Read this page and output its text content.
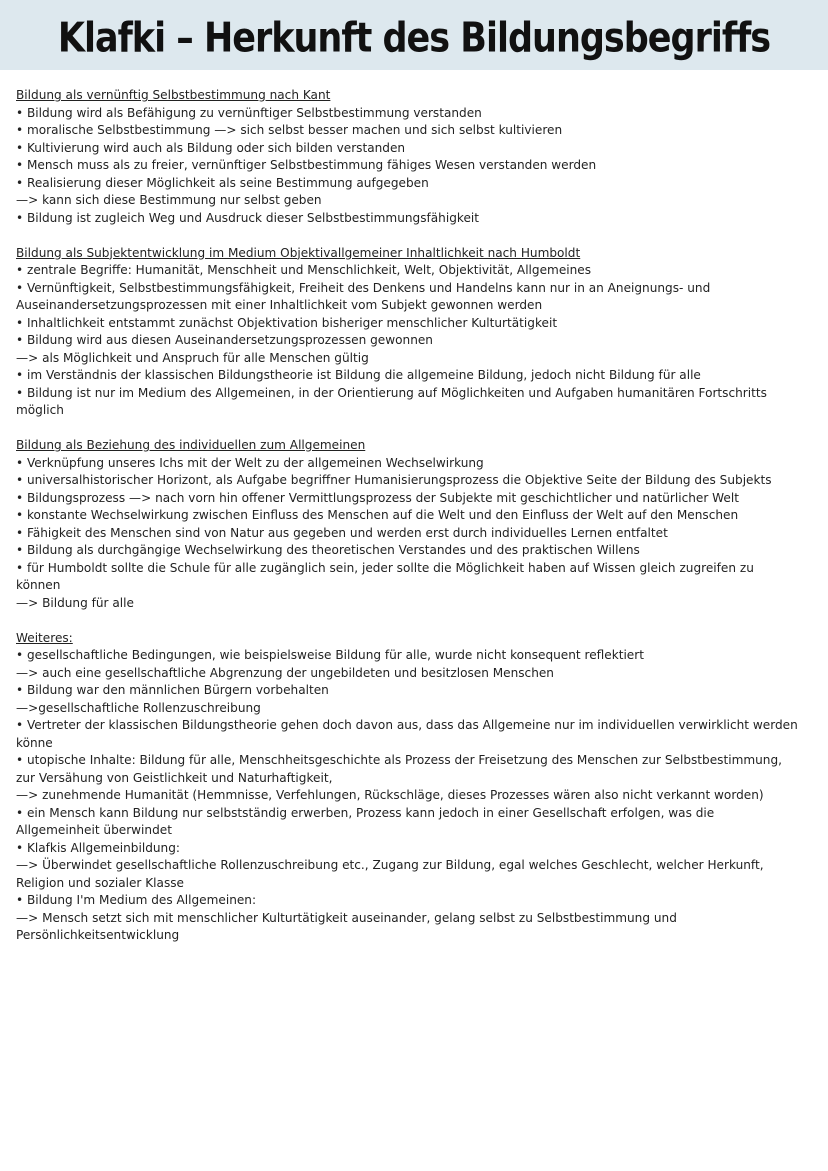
Klafki – Herkunft des Bildungsbegriffs
Bildung als vernünftig Selbstbestimmung nach Kant
• Bildung wird als Befähigung zu vernünftiger Selbstbestimmung verstanden
• moralische Selbstbestimmung —> sich selbst besser machen und sich selbst kultivieren
• Kultivierung wird auch als Bildung oder sich bilden verstanden
• Mensch muss als zu freier, vernünftiger Selbstbestimmung fähiges Wesen verstanden werden
• Realisierung dieser Möglichkeit als seine Bestimmung aufgegeben
—> kann sich diese Bestimmung nur selbst geben
• Bildung ist zugleich Weg und Ausdruck dieser Selbstbestimmungsfähigkeit
Bildung als Subjektentwicklung im Medium Objektivallgemeiner Inhaltlichkeit nach Humboldt
• zentrale Begriffe: Humanität, Menschheit und Menschlichkeit, Welt, Objektivität, Allgemeines
• Vernünftigkeit, Selbstbestimmungsfähigkeit, Freiheit des Denkens und Handelns kann nur in an Aneignungs- und
Auseinandersetzungsprozessen mit einer Inhaltlichkeit vom Subjekt gewonnen werden
• Inhaltlichkeit entstammt zunächst Objektivation bisheriger menschlicher Kulturtätigkeit
• Bildung wird aus diesen Auseinandersetzungsprozessen gewonnen
—> als Möglichkeit und Anspruch für alle Menschen gültig
• im Verständnis der klassischen Bildungstheorie ist Bildung die allgemeine Bildung, jedoch nicht Bildung für alle
• Bildung ist nur im Medium des Allgemeinen, in der Orientierung auf Möglichkeiten und Aufgaben humanitären Fortschritts
möglich
Bildung als Beziehung des individuellen zum Allgemeinen
• Verknüpfung unseres Ichs mit der Welt zu der allgemeinen Wechselwirkung
• universalhistorischer Horizont, als Aufgabe begriffner Humanisierungsprozess die Objektive Seite der Bildung des Subjekts
• Bildungsprozess —> nach vorn hin offener Vermittlungsprozess der Subjekte mit geschichtlicher und natürlicher Welt
• konstante Wechselwirkung zwischen Einfluss des Menschen auf die Welt und den Einfluss der Welt auf den Menschen
• Fähigkeit des Menschen sind von Natur aus gegeben und werden erst durch individuelles Lernen entfaltet
• Bildung als durchgängige Wechselwirkung des theoretischen Verstandes und des praktischen Willens
• für Humboldt sollte die Schule für alle zugänglich sein, jeder sollte die Möglichkeit haben auf Wissen gleich zugreifen zu
können
—> Bildung für alle
Weiteres:
• gesellschaftliche Bedingungen, wie beispielsweise Bildung für alle, wurde nicht konsequent reflektiert
—> auch eine gesellschaftliche Abgrenzung der ungebildeten und besitzlosen Menschen
• Bildung war den männlichen Bürgern vorbehalten
—>gesellschaftliche Rollenzuschreibung
• Vertreter der klassischen Bildungstheorie gehen doch davon aus, dass das Allgemeine nur im individuellen verwirklicht werden
könne
• utopische Inhalte: Bildung für alle, Menschheitsgeschichte als Prozess der Freisetzung des Menschen zur Selbstbestimmung,
zur Versähung von Geistlichkeit und Naturhaftigkeit,
—> zunehmende Humanität (Hemmnisse, Verfehlungen, Rückschläge, dieses Prozesses wären also nicht verkannt worden)
• ein Mensch kann Bildung nur selbstständig erwerben, Prozess kann jedoch in einer Gesellschaft erfolgen, was die
Allgemeinheit überwindet
• Klafkis Allgemeinbildung:
—> Überwindet gesellschaftliche Rollenzuschreibung etc., Zugang zur Bildung, egal welches Geschlecht, welcher Herkunft,
Religion und sozialer Klasse
• Bildung I'm Medium des Allgemeinen:
—> Mensch setzt sich mit menschlicher Kulturtätigkeit auseinander, gelang selbst zu Selbstbestimmung und
Persönlichkeitsentwicklung
